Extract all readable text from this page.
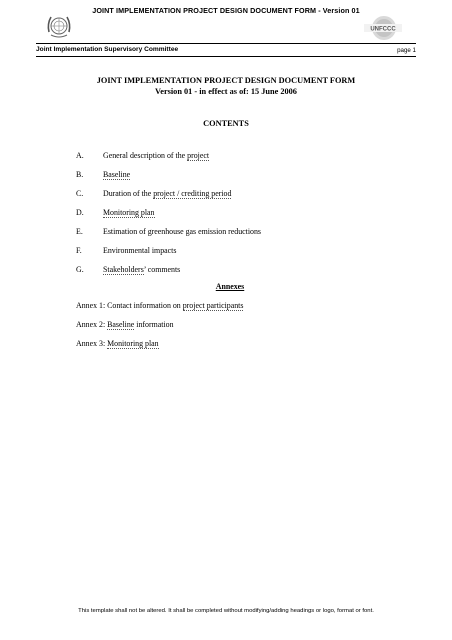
JOINT IMPLEMENTATION PROJECT DESIGN DOCUMENT FORM - Version 01
UNFCCC
Joint Implementation Supervisory Committee	page 1
JOINT IMPLEMENTATION PROJECT DESIGN DOCUMENT FORM
Version 01 - in effect as of: 15 June 2006
CONTENTS
A. General description of the project
B.	Baseline
C.	Duration of the project / crediting period
D. Monitoring plan
E.	Estimation of greenhouse gas emission reductions
F.	Environmental impacts
G. Stakeholders’ comments
Annexes
Annex 1: Contact information on project participants
Annex 2: Baseline information
Annex 3: Monitoring plan
This template shall not be altered. It shall be completed without modifying/adding headings or logo, format or font.
